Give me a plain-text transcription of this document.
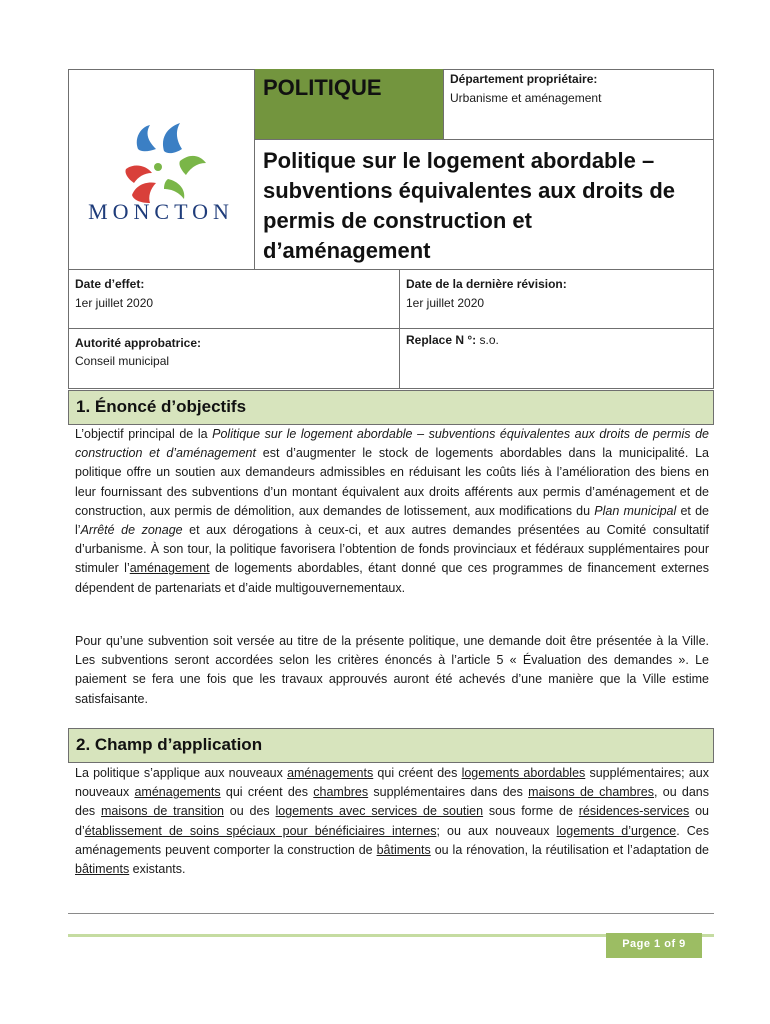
MONCTON
POLITIQUE	Département propriétaire:
Urbanisme et aménagement
Politique sur le logement abordable – subventions équivalentes aux droits de permis de construction et d’aménagement
Date d’effet:
1er juillet 2020
Date de la dernière révision:
1er juillet 2020
Autorité approbatrice:
Conseil municipal
Replace N °: s.o.
1. Énoncé d’objectifs
L’objectif principal de la Politique sur le logement abordable – subventions équivalentes aux droits de permis de construction et d’aménagement est d’augmenter le stock de logements abordables dans la municipalité. La politique offre un soutien aux demandeurs admissibles en réduisant les coûts liés à l’amélioration des biens en leur fournissant des subventions d’un montant équivalent aux droits afférents aux permis d’aménagement et de construction, aux permis de démolition, aux demandes de lotissement, aux modifications du Plan municipal et de l’Arrêté de zonage et aux dérogations à ceux-ci, et aux autres demandes présentées au Comité consultatif d’urbanisme. À son tour, la politique favorisera l’obtention de fonds provinciaux et fédéraux supplémentaires pour stimuler l’aménagement de logements abordables, étant donné que ces programmes de financement externes dépendent de partenariats et d’aide multigouvernementaux.
Pour qu’une subvention soit versée au titre de la présente politique, une demande doit être présentée à la Ville. Les subventions seront accordées selon les critères énoncés à l’article 5 « Évaluation des demandes ». Le paiement se fera une fois que les travaux approuvés auront été achevés d’une manière que la Ville estime satisfaisante.
2. Champ d’application
La politique s’applique aux nouveaux aménagements qui créent des logements abordables supplémentaires; aux nouveaux aménagements qui créent des chambres supplémentaires dans des maisons de chambres, ou dans des maisons de transition ou des logements avec services de soutien sous forme de résidences-services ou d’établissement de soins spéciaux pour bénéficiaires internes; ou aux nouveaux logements d’urgence. Ces aménagements peuvent comporter la construction de bâtiments ou la rénovation, la réutilisation et l’adaptation de bâtiments existants.
Page 1 of 9
